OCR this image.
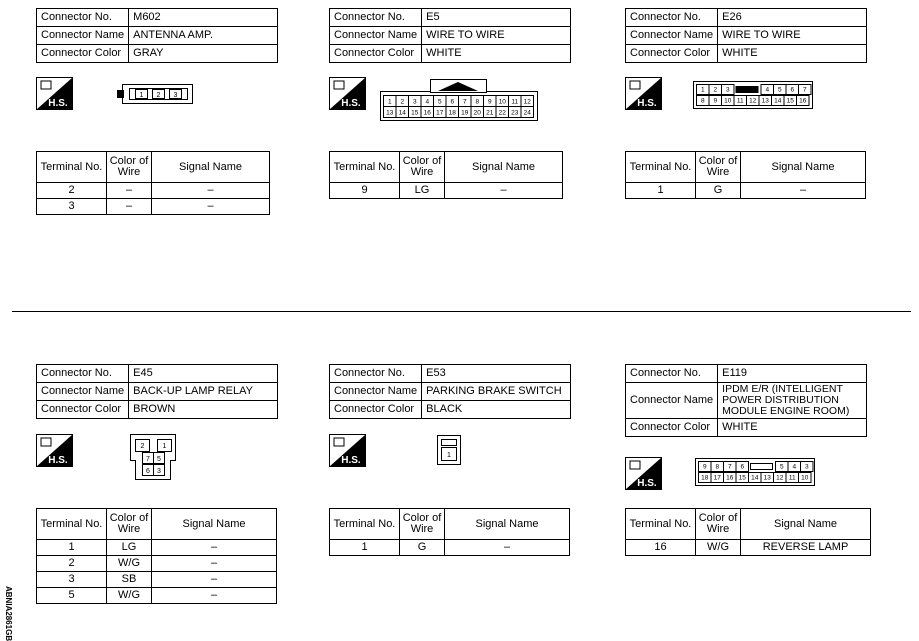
Connector No.	M602
Connector Name	ANTENNA AMP.
Connector Color	GRAY
H.S.
1 2 3
Terminal No.	Color of Wire	Signal Name
2	–	–
3	–	–
Connector No.	E5
Connector Name	WIRE TO WIRE
Connector Color	WHITE
H.S.	1 2 3 4 5 6 7 8 9 10 11 12
13 14 15 16 17 18 19 20 21 22 23 24
Terminal No.	Color of Wire	Signal Name
9	LG	–
Connector No.	E26
Connector Name	WIRE TO WIRE
Connector Color	WHITE
H.S.
1 2 3	4 5 6 7
8 9 10 11 12 13 14 15 16
Terminal No.	Color of Wire	Signal Name
1	G	–
Connector No.	E45
Connector Name	BACK-UP LAMP RELAY
Connector Color	BROWN
H.S.
2	1
7 5
6 3
Terminal No.	Color of Wire	Signal Name
1	LG	–
2	W/G	–
3	SB	–
5	W/G	–
Connector No.	E53
Connector Name	PARKING BRAKE SWITCH
Connector Color	BLACK
H.S.	1
Terminal No.	Color of Wire	Signal Name
1	G	–
Connector No.	E119
Connector Name	IPDM E/R (INTELLIGENT POWER DISTRIBUTION MODULE ENGINE ROOM)
Connector Color	WHITE
H.S.
9 8 7 6	5 4 3
18 17 16 15 14 13 12 11 10
Terminal No.	Color of Wire	Signal Name
16	W/G	REVERSE LAMP
ABNIA2861GB
